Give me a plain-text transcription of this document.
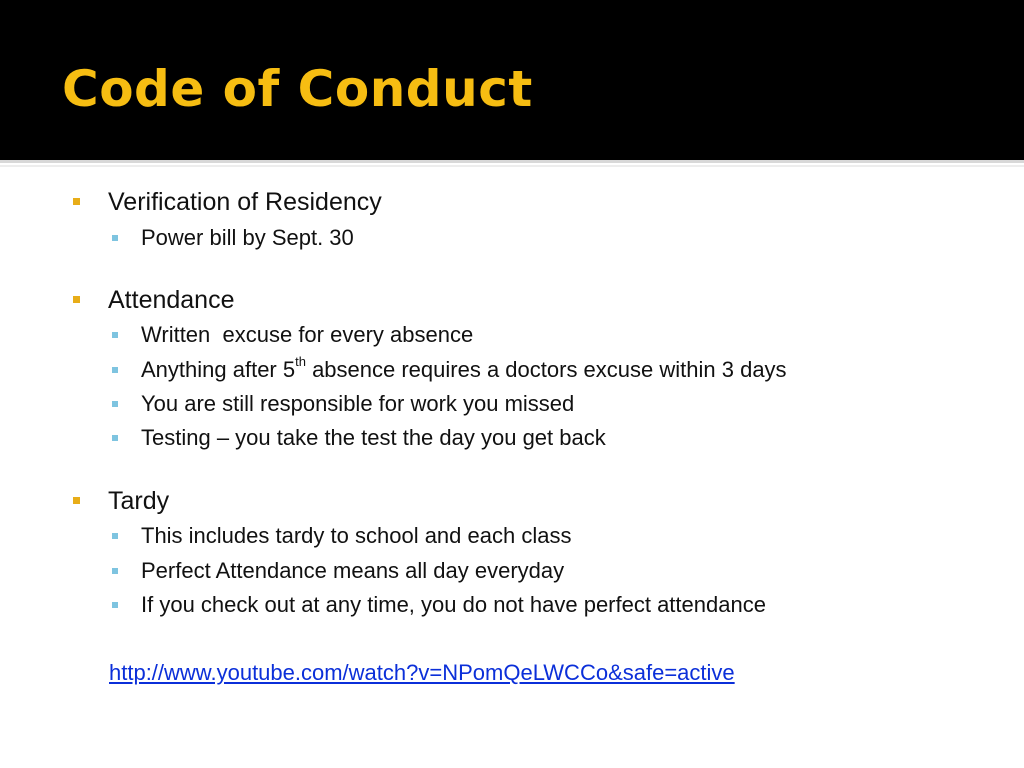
Code of Conduct
Verification of Residency
Power bill by Sept. 30
Attendance
Written  excuse for every absence
Anything after 5th absence requires a doctors excuse within 3 days
You are still responsible for work you missed
Testing – you take the test the day you get back
Tardy
This includes tardy to school and each class
Perfect Attendance means all day everyday
If you check out at any time, you do not have perfect attendance
http://www.youtube.com/watch?v=NPomQeLWCCo&safe=active
